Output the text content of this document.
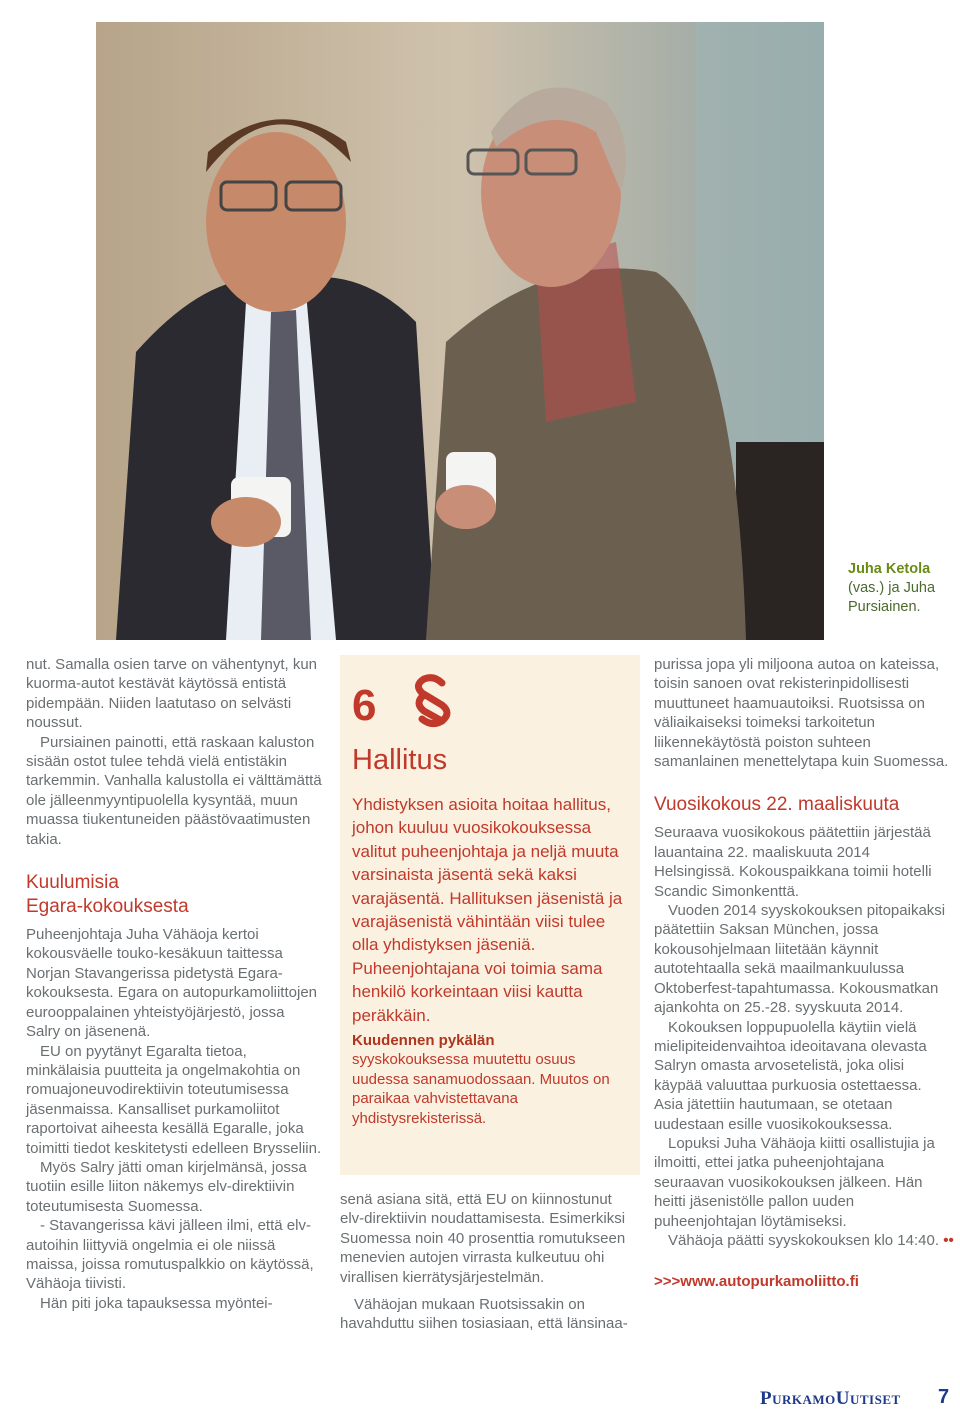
Juha Ketola
(vas.) ja Juha Pursiainen.

nut. Samalla osien tarve on vähentynyt, kun kuorma-autot kestävät käytössä entistä pidempään. Niiden laatutaso on selvästi noussut.

Pursiainen painotti, että raskaan kaluston sisään ostot tulee tehdä vielä entistäkin tarkemmin. Vanhalla kalustolla ei välttämättä ole jälleenmyyntipuolella kysyntää, muun muassa tiukentuneiden päästövaatimusten takia.

Kuulumisia
Egara-kokouksesta

Puheenjohtaja Juha Vähäoja kertoi kokousväelle touko-kesäkuun taittessa Norjan Stavangerissa pidetystä Egara-kokouksesta. Egara on autopurkamoliittojen eurooppalainen yhteistyöjärjestö, jossa Salry on jäsenenä.

EU on pyytänyt Egaralta tietoa, minkälaisia puutteita ja ongelmakohtia on romuajoneuvodirektiivin toteutumisessa jäsenmaissa. Kansalliset purkamoliitot raportoivat aiheesta kesällä Egaralle, joka toimitti tiedot keskitetysti edelleen Brysseliin.

Myös Salry jätti oman kirjelmänsä, jossa tuotiin esille liiton näkemys elv-direktiivin toteutumisesta Suomessa.

- Stavangerissa kävi jälleen ilmi, että elv-autoihin liittyviä ongelmia ei ole niissä maissa, joissa romutuspalkkio on käytössä, Vähäoja tiivisti.

Hän piti joka tapauksessa myöntei-

6
Hallitus
Yhdistyksen asioita hoitaa hallitus, johon kuuluu vuosikokouksessa valitut puheenjohtaja ja neljä muuta varsinaista jäsentä sekä kaksi varajäsentä. Hallituksen jäsenistä ja varajäsenistä vähintään viisi tulee olla yhdistyksen jäseniä. Puheenjohtajana voi toimia sama henkilö korkeintaan viisi kauttа peräkkäin.
Kuudennen pykälän syyskokouksessa muutettu osuus uudessa sanamuodossaan. Muutos on paraikaa vahvistettavana yhdistysrekisterissä.

senä asiana sitä, että EU on kiinnostunut elv-direktiivin noudattamisesta. Esimerkiksi Suomessa noin 40 prosenttia romutukseen menevien autojen virrasta kulkeutuu ohi virallisen kierrätysjärjestelmän.

Vähäojan mukaan Ruotsissakin on havahduttu siihen tosiasiaan, että länsinaa-

purissa jopa yli miljoona autoa on kateissa, toisin sanoen ovat rekisterinpidollisesti muuttuneet haamuautoiksi. Ruotsissa on väliaikaiseksi toimeksi tarkoitetun liikennekäytöstä poiston suhteen samanlainen menettelytapa kuin Suomessa.

Vuosikokous 22. maaliskuuta

Seuraava vuosikokous päätettiin järjestää lauantaina 22. maaliskuuta 2014 Helsingissä. Kokouspaikkana toimii hotelli Scandic Simonkenttä.

Vuoden 2014 syyskokouksen pitopaikaksi päätettiin Saksan München, jossa kokousohjelmaan liitetään käynnit autotehtaalla sekä maailmankuulussa Oktoberfest-tapahtumassa. Kokousmatkan ajankohta on 25.-28. syyskuuta 2014.

Kokouksen loppupuolella käytiin vielä mielipiteidenvaihtoa ideoitavana olevasta Salryn omasta arvosetelistä, joka olisi käypää valuuttaa purkuosia ostettaessa. Asia jätettiin hautumaan, se otetaan uudestaan esille vuosikokouksessa.

Lopuksi Juha Vähäoja kiitti osallistujia ja ilmoitti, ettei jatka puheenjohtajana seuraavan vuosikokouksen jälkeen. Hän heitti jäsenistölle pallon uuden puheenjohtajan löytämiseksi.

Vähäoja päätti syyskokouksen klo 14:40. ••

>>>www.autopurkamoliitto.fi

PurkamoUutiset 7
